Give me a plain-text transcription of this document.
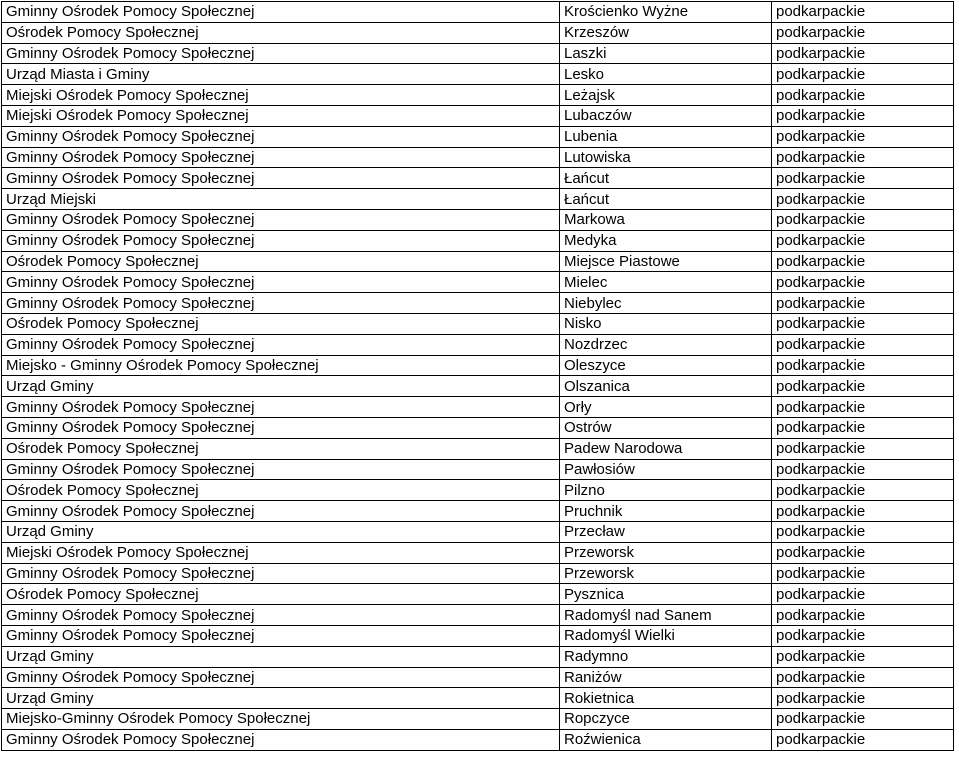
Gminny Ośrodek Pomocy Społecznej	Krościenko Wyżne	podkarpackie
Ośrodek Pomocy Społecznej	Krzeszów	podkarpackie
Gminny Ośrodek Pomocy Społecznej	Laszki	podkarpackie
Urząd Miasta i Gminy	Lesko	podkarpackie
Miejski Ośrodek Pomocy Społecznej	Leżajsk	podkarpackie
Miejski Ośrodek Pomocy Społecznej	Lubaczów	podkarpackie
Gminny Ośrodek Pomocy Społecznej	Lubenia	podkarpackie
Gminny Ośrodek Pomocy Społecznej	Lutowiska	podkarpackie
Gminny Ośrodek Pomocy Społecznej	Łańcut	podkarpackie
Urząd Miejski	Łańcut	podkarpackie
Gminny Ośrodek Pomocy Społecznej	Markowa	podkarpackie
Gminny Ośrodek Pomocy Społecznej	Medyka	podkarpackie
Ośrodek Pomocy Społecznej	Miejsce Piastowe	podkarpackie
Gminny Ośrodek Pomocy Społecznej	Mielec	podkarpackie
Gminny Ośrodek Pomocy Społecznej	Niebylec	podkarpackie
Ośrodek Pomocy Społecznej	Nisko	podkarpackie
Gminny Ośrodek Pomocy Społecznej	Nozdrzec	podkarpackie
Miejsko - Gminny Ośrodek Pomocy Społecznej	Oleszyce	podkarpackie
Urząd Gminy	Olszanica	podkarpackie
Gminny Ośrodek Pomocy Społecznej	Orły	podkarpackie
Gminny Ośrodek Pomocy Społecznej	Ostrów	podkarpackie
Ośrodek Pomocy Społecznej	Padew Narodowa	podkarpackie
Gminny Ośrodek Pomocy Społecznej	Pawłosiów	podkarpackie
Ośrodek Pomocy Społecznej	Pilzno	podkarpackie
Gminny Ośrodek Pomocy Społecznej	Pruchnik	podkarpackie
Urząd Gminy	Przecław	podkarpackie
Miejski Ośrodek Pomocy Społecznej	Przeworsk	podkarpackie
Gminny Ośrodek Pomocy Społecznej	Przeworsk	podkarpackie
Ośrodek Pomocy Społecznej	Pysznica	podkarpackie
Gminny Ośrodek Pomocy Społecznej	Radomyśl nad Sanem	podkarpackie
Gminny Ośrodek Pomocy Społecznej	Radomyśl Wielki	podkarpackie
Urząd Gminy	Radymno	podkarpackie
Gminny Ośrodek Pomocy Społecznej	Raniżów	podkarpackie
Urząd Gminy	Rokietnica	podkarpackie
Miejsko-Gminny Ośrodek Pomocy Społecznej	Ropczyce	podkarpackie
Gminny Ośrodek Pomocy Społecznej	Roźwienica	podkarpackie
